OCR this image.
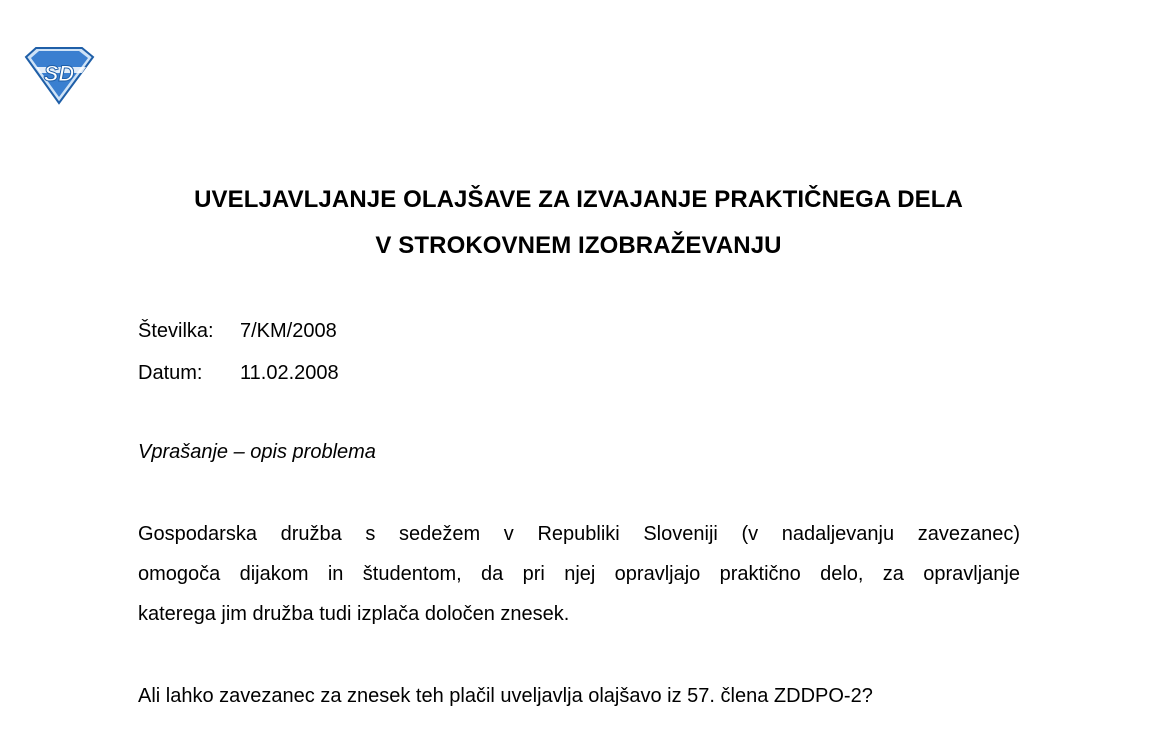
SD
UVELJAVLJANJE OLAJŠAVE ZA IZVAJANJE PRAKTIČNEGA DELA
V STROKOVNEM IZOBRAŽEVANJU
Številka: 7/KM/2008
Datum: 11.02.2008
Vprašanje – opis problema
Gospodarska družba s sedežem v Republiki Sloveniji (v nadaljevanju zavezanec)
omogoča dijakom in študentom, da pri njej opravljajo praktično delo, za opravljanje
katerega jim družba tudi izplača določen znesek.
Ali lahko zavezanec za znesek teh plačil uveljavlja olajšavo iz 57. člena ZDDPO-2?
